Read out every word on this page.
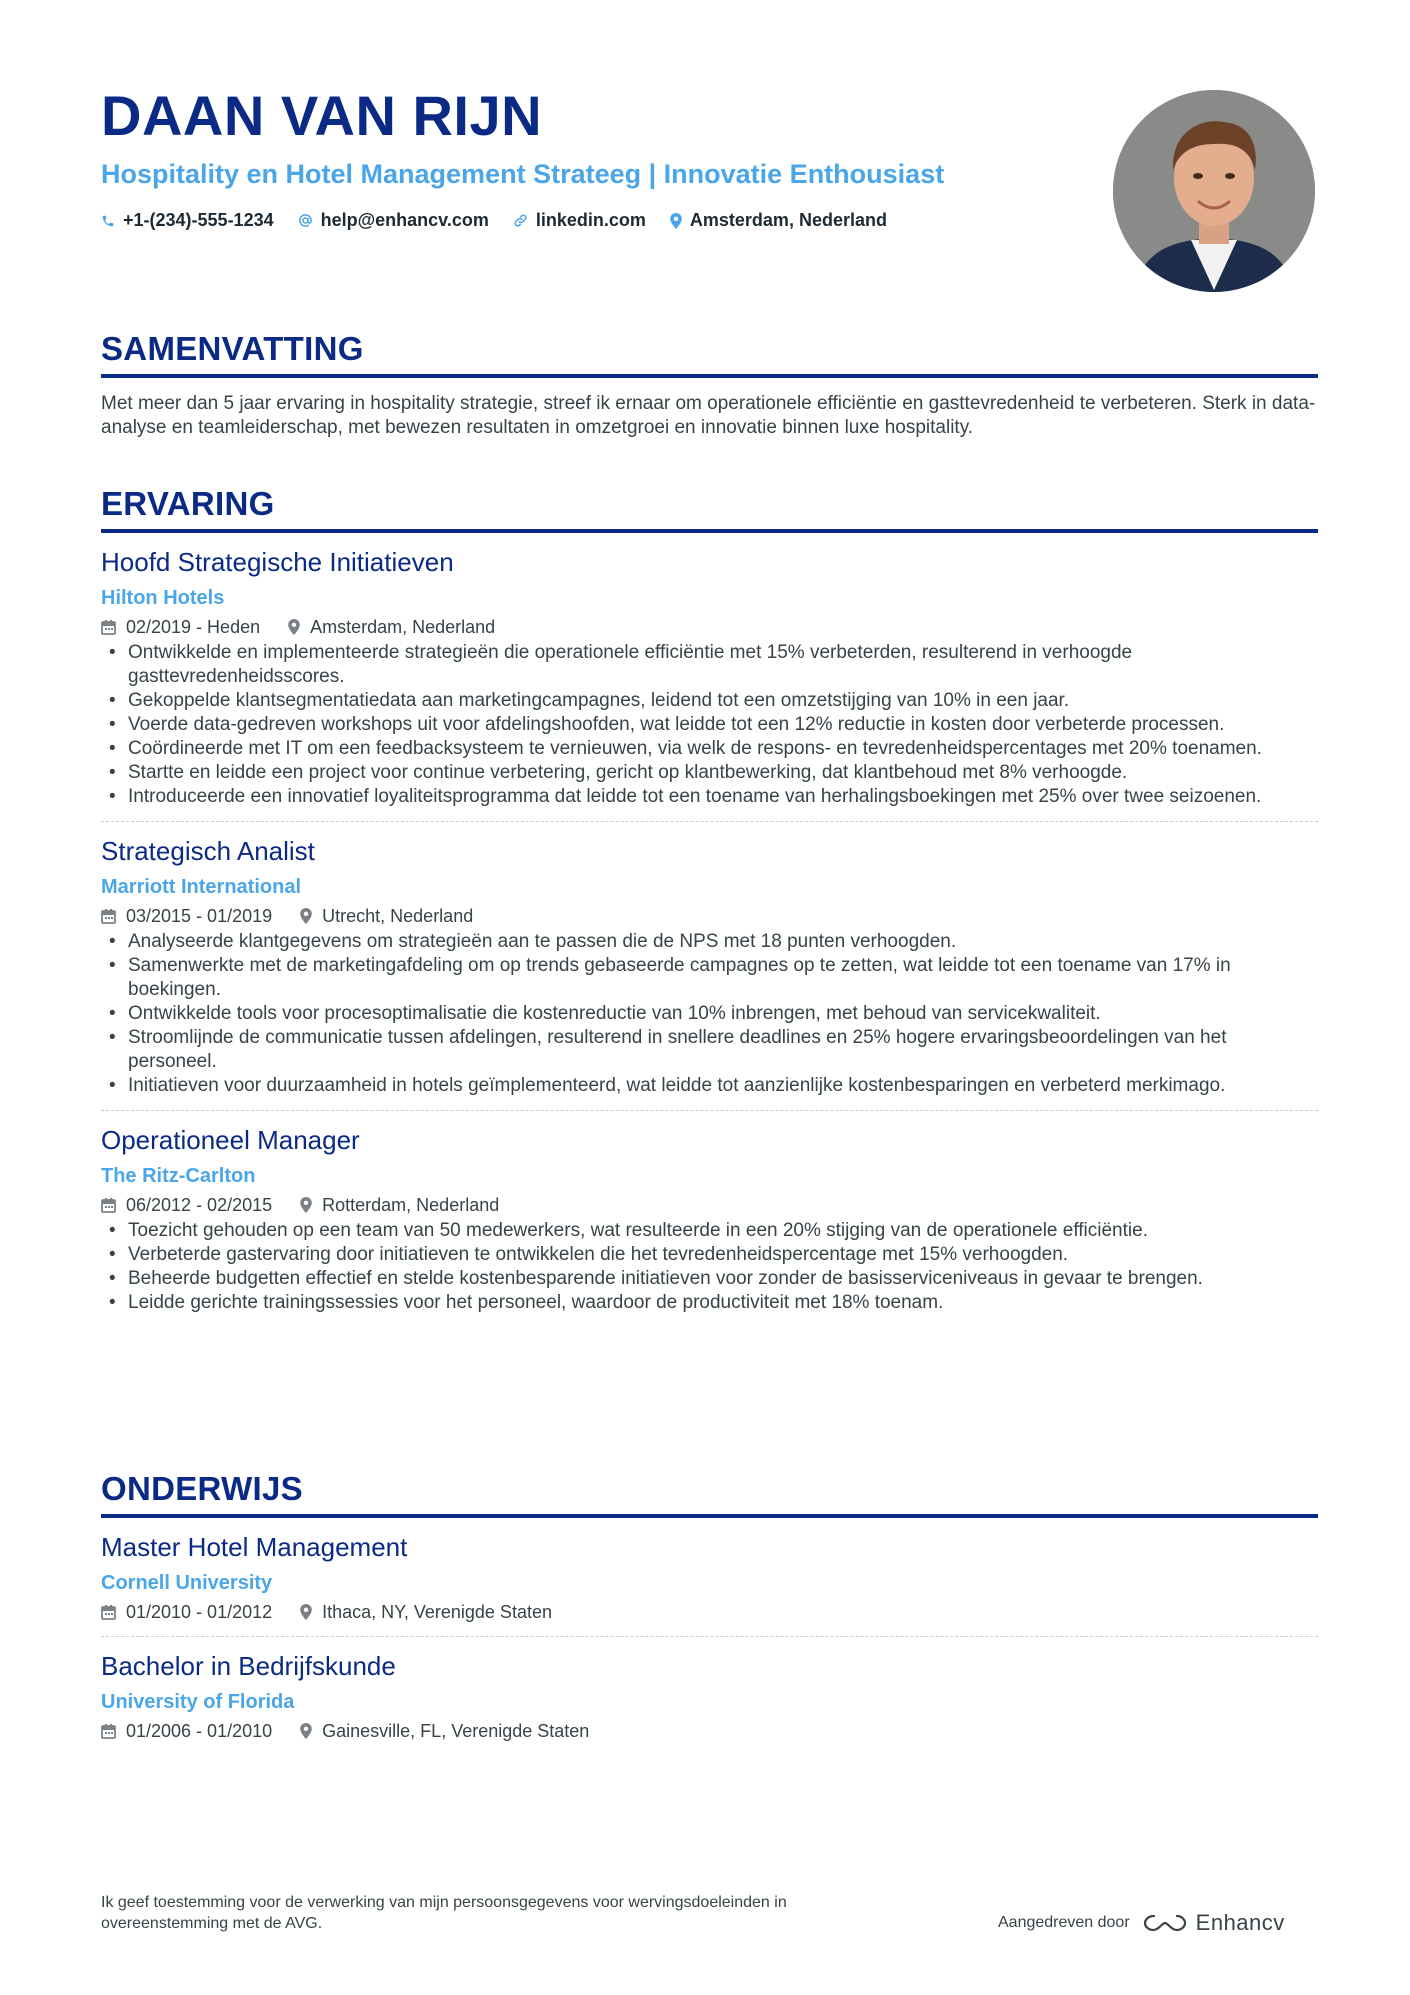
DAAN VAN RIJN
Hospitality en Hotel Management Strateeg | Innovatie Enthousiast
+1-(234)-555-1234	help@enhancv.com	linkedin.com Amsterdam, Nederland
SAMENVATTING
Met meer dan 5 jaar ervaring in hospitality strategie, streef ik ernaar om operationele efficiëntie en gasttevredenheid te verbeteren. Sterk in data-analyse en teamleiderschap, met bewezen resultaten in omzetgroei en innovatie binnen luxe hospitality.
ERVARING
Hoofd Strategische Initiatieven
Hilton Hotels
02/2019 - Heden	Amsterdam, Nederland
• Ontwikkelde en implementeerde strategieën die operationele efficiëntie met 15% verbeterden, resulterend in verhoogde gasttevredenheidsscores.
• Gekoppelde klantsegmentatiedata aan marketingcampagnes, leidend tot een omzetstijging van 10% in een jaar.
• Voerde data-gedreven workshops uit voor afdelingshoofden, wat leidde tot een 12% reductie in kosten door verbeterde processen.
• Coördineerde met IT om een feedbacksysteem te vernieuwen, via welk de respons- en tevredenheidspercentages met 20% toenamen.
• Startte en leidde een project voor continue verbetering, gericht op klantbewerking, dat klantbehoud met 8% verhoogde.
• Introduceerde een innovatief loyaliteitsprogramma dat leidde tot een toename van herhalingsboekingen met 25% over twee seizoenen.
Strategisch Analist
Marriott International
03/2015 - 01/2019	Utrecht, Nederland
• Analyseerde klantgegevens om strategieën aan te passen die de NPS met 18 punten verhoogden.
• Samenwerkte met de marketingafdeling om op trends gebaseerde campagnes op te zetten, wat leidde tot een toename van 17% in boekingen.
• Ontwikkelde tools voor procesoptimalisatie die kostenreductie van 10% inbrengen, met behoud van servicekwaliteit.
• Stroomlijnde de communicatie tussen afdelingen, resulterend in snellere deadlines en 25% hogere ervaringsbeoordelingen van het personeel.
• Initiatieven voor duurzaamheid in hotels geïmplementeerd, wat leidde tot aanzienlijke kostenbesparingen en verbeterd merkimago.
Operationeel Manager
The Ritz-Carlton
06/2012 - 02/2015	Rotterdam, Nederland
• Toezicht gehouden op een team van 50 medewerkers, wat resulteerde in een 20% stijging van de operationele efficiëntie.
• Verbeterde gastervaring door initiatieven te ontwikkelen die het tevredenheidspercentage met 15% verhoogden.
• Beheerde budgetten effectief en stelde kostenbesparende initiatieven voor zonder de basisserviceniveaus in gevaar te brengen.
• Leidde gerichte trainingssessies voor het personeel, waardoor de productiviteit met 18% toenam.
ONDERWIJS
Master Hotel Management
Cornell University
01/2010 - 01/2012	Ithaca, NY, Verenigde Staten
Bachelor in Bedrijfskunde
University of Florida
01/2006 - 01/2010	Gainesville, FL, Verenigde Staten
Ik geef toestemming voor de verwerking van mijn persoonsgegevens voor wervingsdoeleinden in overeenstemming met de AVG.	Aangedreven door	Enhancv
